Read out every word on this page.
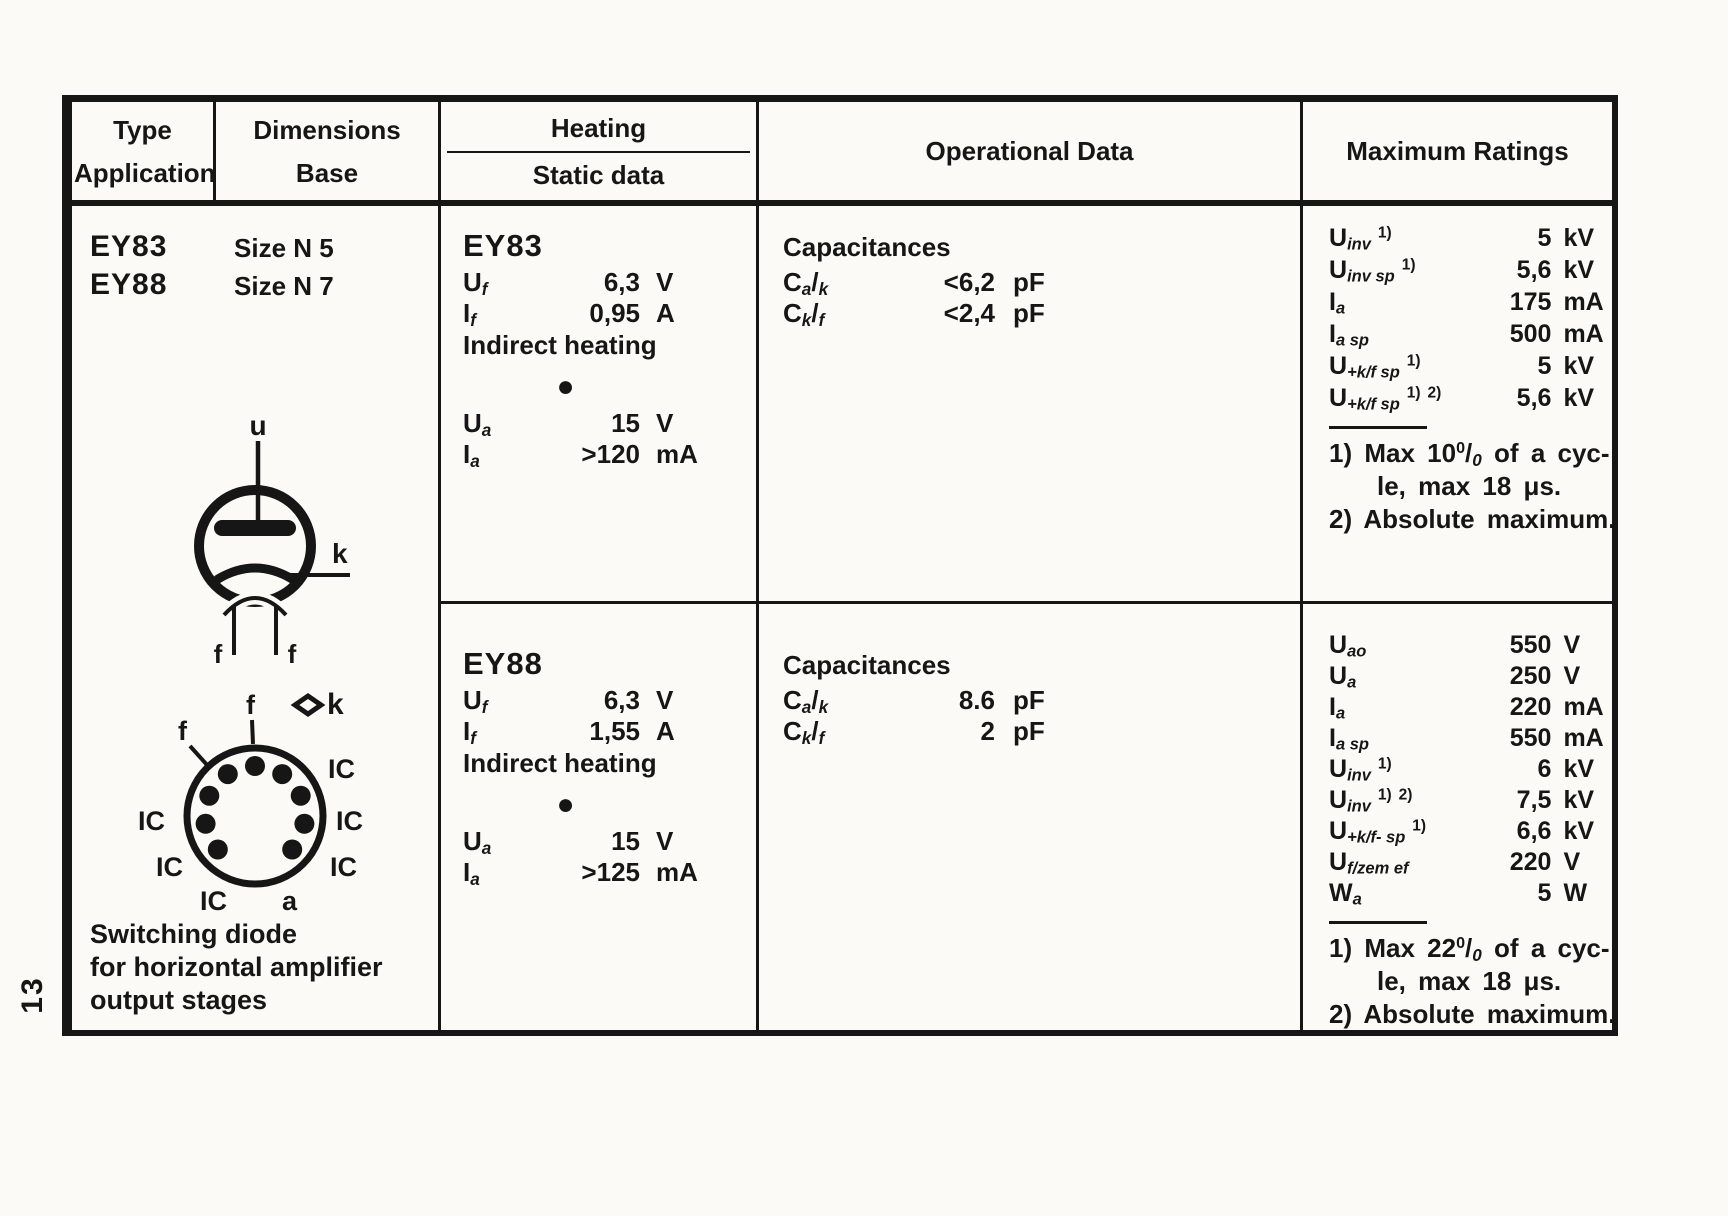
13
Type
Application
Dimensions
Base
Heating
Static data
Operational Data	Maximum Ratings
EY83	Size N 5
EY88	Size N 7
u
k
f	f
k
f
f
IC
IC	IC
IC	IC
IC a
Switching diode
for horizontal amplifier
output stages
EY83
$U_f$	6,3 V
$I_f$	0,95 A
Indirect heating
●
$U_a$	15 V
$I_a$	>120 mA
Capacitances
$C_a/_k$	<6,2 pF
$C_k/_f$	<2,4 pF
$U_{inv}$ $^{1)}$	5 kV
$U_{inv sp}$ $^{1)}$	5,6 kV
$I_a$	175 mA
$I_{a sp}$	500 mA
$U_{+k/f sp}$ $^{1)}$	5 kV
$U_{+k/f sp}$ $^{1)}$ $^{2)}$	5,6 kV
1) Max $10^0/_0$ of a cyc-
le, max 18 μs.
2) Absolute maximum.
EY88
$U_f$	6,3 V
$I_f$	1,55 A
Indirect heating
●
$U_a$	15 V
$I_a$	>125 mA
Capacitances
$C_a/_k$	8.6 pF
$C_k/_f$	2 pF
$U_{ao}$	550 V
$U_a$	250 V
$I_a$	220 mA
$I_{a sp}$	550 mA
$U_{inv}$ $^{1)}$	6 kV
$U_{inv}$ $^{1)}$ $^{2)}$	7,5 kV
$U_{+k/f- sp}$ $^{1)}$	6,6 kV
$U_{f/zem ef}$	220 V
$W_a$	5 W
1) Max $22^0/_0$ of a cyc-
le, max 18 μs.
2) Absolute maximum.
